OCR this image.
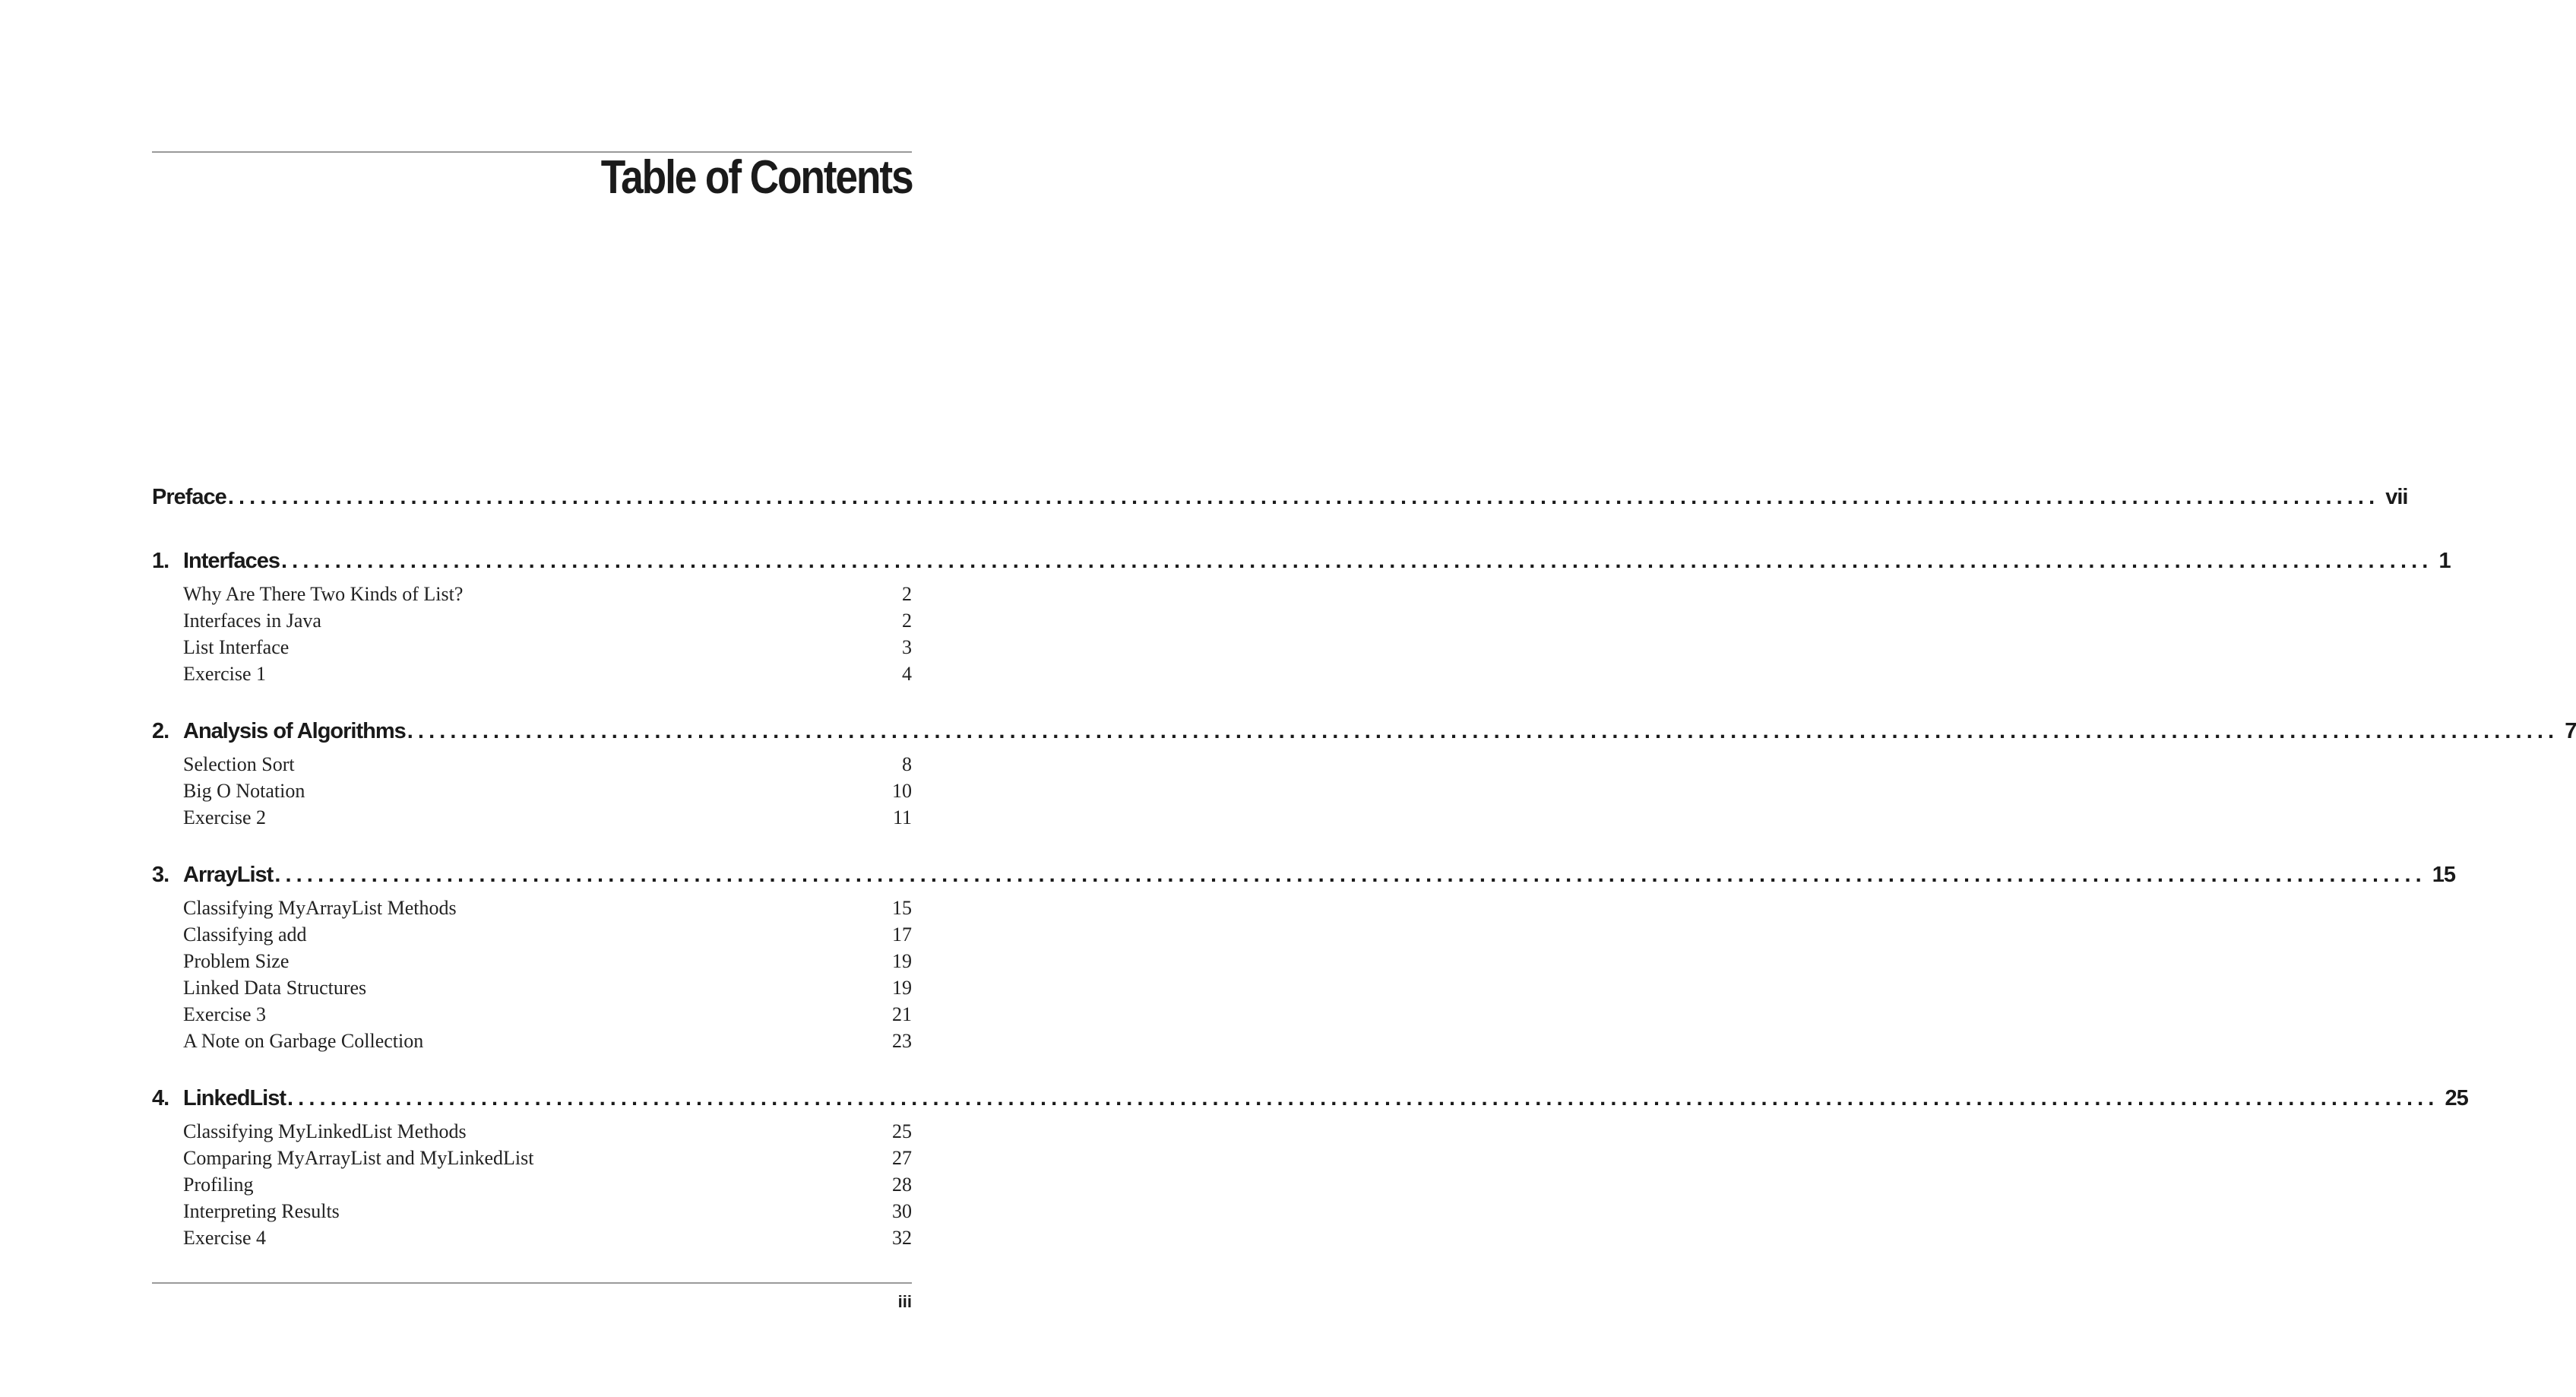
Table of Contents
Preface ........................................................................................................................................................................................................ vii
1. Interfaces ........................................................................................................................................................................................................ 1
Why Are There Two Kinds of List?	2
Interfaces in Java	2
List Interface	3
Exercise 1	4
2. Analysis of Algorithms ........................................................................................................................................................................................................ 7
Selection Sort	8
Big O Notation	10
Exercise 2	11
3. ArrayList ........................................................................................................................................................................................................ 15
Classifying MyArrayList Methods	15
Classifying add	17
Problem Size	19
Linked Data Structures	19
Exercise 3	21
A Note on Garbage Collection	23
4. LinkedList ........................................................................................................................................................................................................ 25
Classifying MyLinkedList Methods	25
Comparing MyArrayList and MyLinkedList	27
Profiling	28
Interpreting Results	30
Exercise 4	32
iii
